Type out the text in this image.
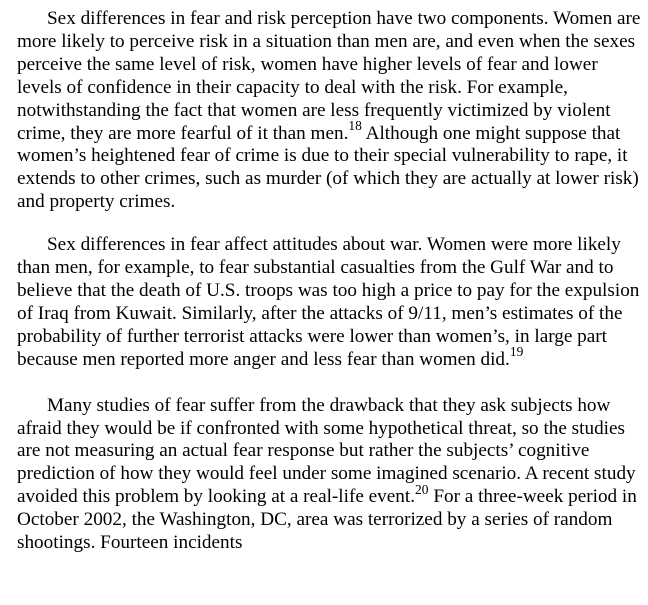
Sex differences in fear and risk perception have two components. Women are more likely to perceive risk in a situation than men are, and even when the sexes perceive the same level of risk, women have higher levels of fear and lower levels of confidence in their capacity to deal with the risk. For example, notwithstanding the fact that women are less frequently victimized by violent crime, they are more fearful of it than men.$^{18}$ Although one might suppose that women’s heightened fear of crime is due to their special vulnerability to rape, it extends to other crimes, such as murder (of which they are actually at lower risk) and property crimes.

Sex differences in fear affect attitudes about war. Women were more likely than men, for example, to fear substantial casualties from the Gulf War and to believe that the death of U.S. troops was too high a price to pay for the expulsion of Iraq from Kuwait. Similarly, after the attacks of 9/11, men’s estimates of the probability of further terrorist attacks were lower than women’s, in large part because men reported more anger and less fear than women did.$^{19}$

Many studies of fear suffer from the drawback that they ask subjects how afraid they would be if confronted with some hypothetical threat, so the studies are not measuring an actual fear response but rather the subjects’ cognitive prediction of how they would feel under some imagined scenario. A recent study avoided this problem by looking at a real-life event.$^{20}$ For a three-week period in October 2002, the Washington, DC, area was terrorized by a series of random shootings. Fourteen incidents
